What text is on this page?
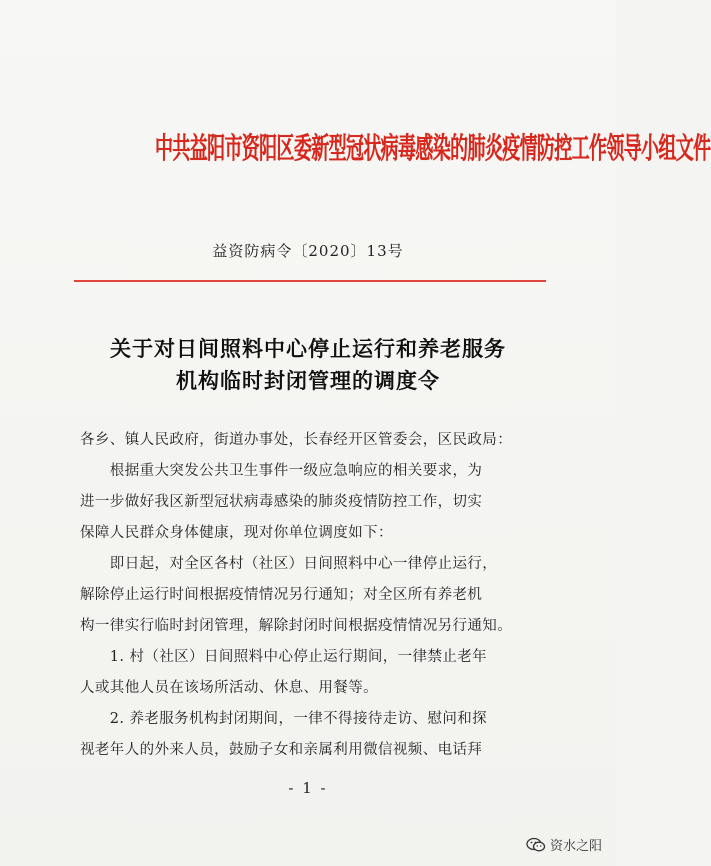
中共益阳市资阳区委新型冠状病毒感染的肺炎疫情防控工作领导小组文件
益资防病令〔2020〕13号
关于对日间照料中心停止运行和养老服务
机构临时封闭管理的调度令
各乡、镇人民政府，街道办事处，长春经开区管委会，区民政局：
　　根据重大突发公共卫生事件一级应急响应的相关要求，为
进一步做好我区新型冠状病毒感染的肺炎疫情防控工作，切实
保障人民群众身体健康，现对你单位调度如下：
　　即日起，对全区各村（社区）日间照料中心一律停止运行，
解除停止运行时间根据疫情情况另行通知；对全区所有养老机
构一律实行临时封闭管理，解除封闭时间根据疫情情况另行通知。
　　1. 村（社区）日间照料中心停止运行期间，一律禁止老年
人或其他人员在该场所活动、休息、用餐等。
　　2. 养老服务机构封闭期间，一律不得接待走访、慰问和探
视老年人的外来人员，鼓励子女和亲属利用微信视频、电话拜
- 1 -
资水之阳
